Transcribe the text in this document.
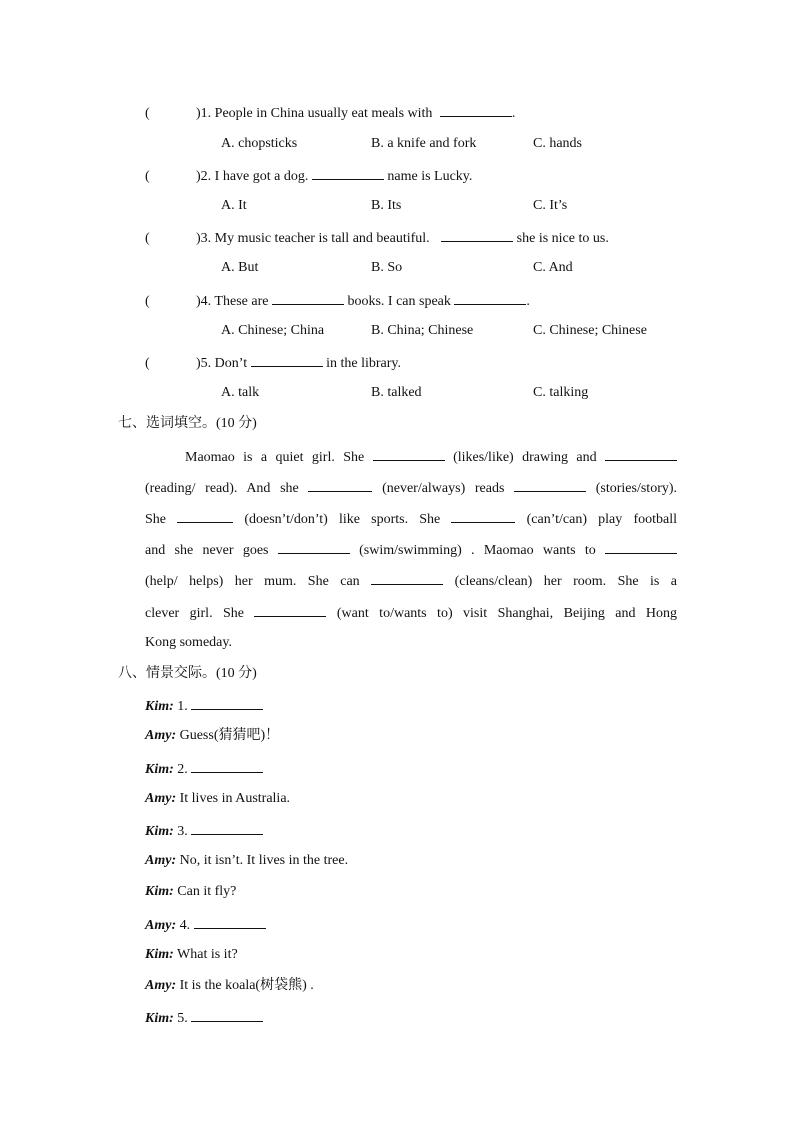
(	)1. People in China usually eat meals with	.
A. chopsticks	B. a knife and fork	C. hands
(	)2. I have got a dog.	name is Lucky.
A. It	B. Its	C. It’s
(	)3. My music teacher is tall and beautiful.	she is nice to us.
A. But	B. So	C. And
(	)4. These are	books. I can speak	.
A. Chinese; China	B. China; Chinese	C. Chinese; Chinese
(	)5. Don’t	in the library.
A. talk	B. talked	C. talking
七、选词填空。(10 分)
Maomao is a quiet girl. She	(likes/like) drawing and
(reading/ read). And she	(never/always) reads	(stories/story).
She	(doesn’t/don’t) like sports. She	(can’t/can) play football
and she never goes	(swim/swimming) . Maomao wants to
(help/ helps) her mum. She can	(cleans/clean) her room. She is a
clever girl. She	(want to/wants to) visit Shanghai, Beijing and Hong
Kong someday.
八、情景交际。(10 分)
Kim: 1.
Amy: Guess(猜猜吧)！
Kim: 2.
Amy: It lives in Australia.
Kim: 3.
Amy: No, it isn’t. It lives in the tree.
Kim: Can it fly?
Amy: 4.
Kim: What is it?
Amy: It is the koala(树袋熊) .
Kim: 5.
